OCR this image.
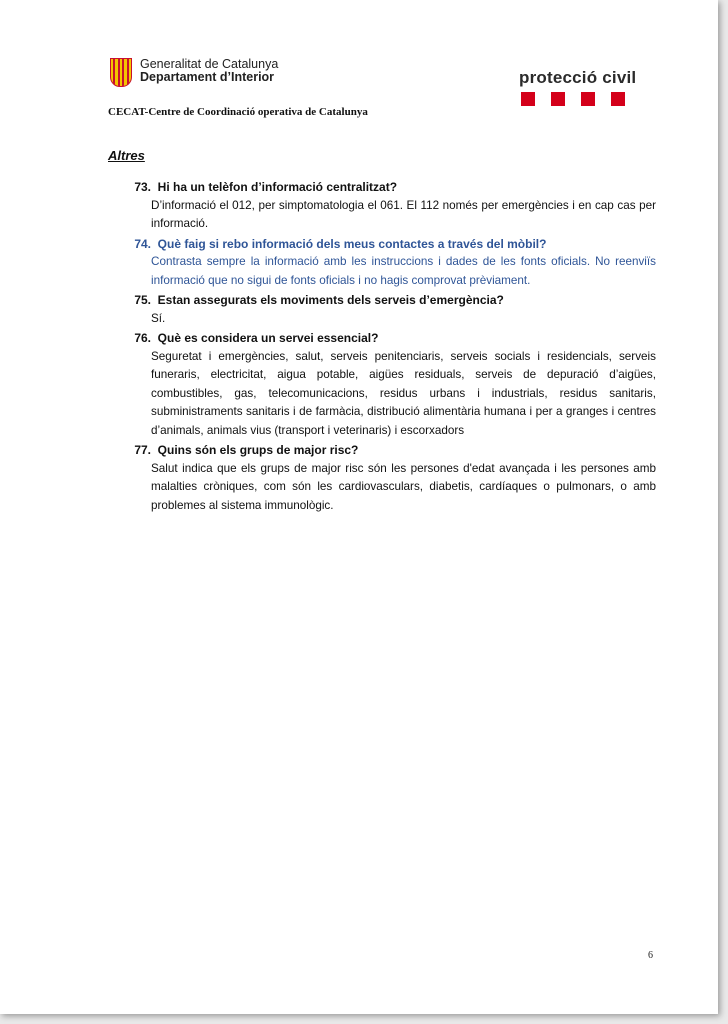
Generalitat de Catalunya
Departament d’Interior	protecció civil
CECAT-Centre de Coordinació operativa de Catalunya
Altres
73.
Hi ha un telèfon d’informació centralitzat?
D’informació el 012, per simptomatologia el 061. El 112 només per emergències i en cap cas per informació.
74.
Què faig si rebo informació dels meus contactes a través del mòbil?
Contrasta sempre la informació amb les instruccions i dades de les fonts oficials. No reenviïs informació que no sigui de fonts oficials i no hagis comprovat prèviament.
75.
Estan assegurats els moviments dels serveis d’emergència?
Sí.
76.
Què es considera un servei essencial?
Seguretat i emergències, salut, serveis penitenciaris, serveis socials i residencials, serveis funeraris, electricitat, aigua potable, aigües residuals, serveis de depuració d’aigües, combustibles, gas, telecomunicacions, residus urbans i industrials, residus sanitaris, subministraments sanitaris i de farmàcia, distribució alimentària humana i per a granges i centres d’animals, animals vius (transport i veterinaris) i escorxadors
77.
Quins són els grups de major risc?
Salut indica que els grups de major risc són les persones d'edat avançada i les persones amb malalties cròniques, com són les cardiovasculars, diabetis, cardíaques o pulmonars, o amb problemes al sistema immunològic.
6
